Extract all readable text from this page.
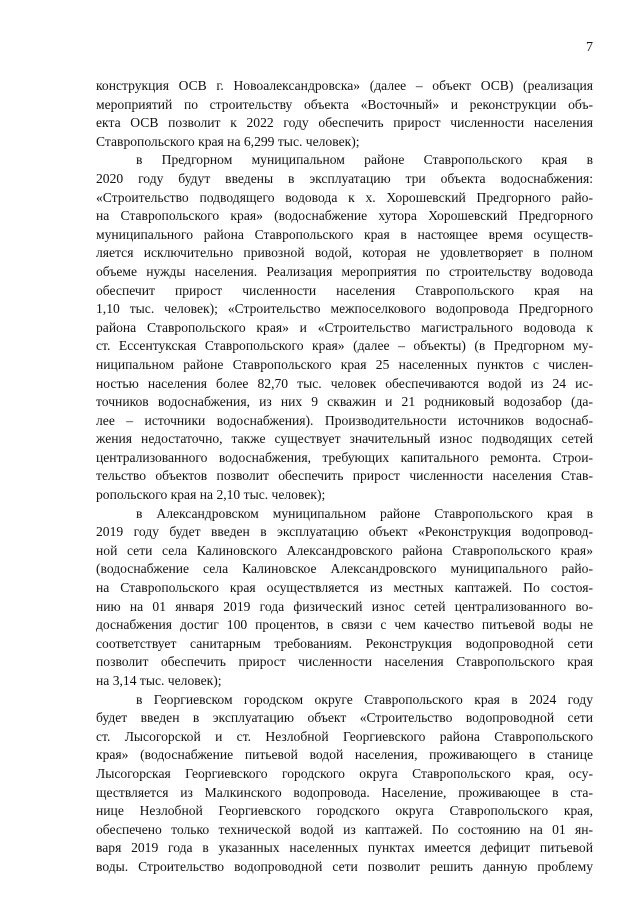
7
конструкция ОСВ г. Новоалександровска» (далее – объект ОСВ) (реализация
мероприятий по строительству объекта «Восточный» и реконструкции объ-
екта ОСВ позволит к 2022 году обеспечить прирост численности населения
Ставропольского края на 6,299 тыс. человек);
в Предгорном муниципальном районе Ставропольского края в
2020 году будут введены в эксплуатацию три объекта водоснабжения:
«Строительство подводящего водовода к х. Хорошевский Предгорного райо-
на Ставропольского края» (водоснабжение хутора Хорошевский Предгорного
муниципального района Ставропольского края в настоящее время осуществ-
ляется исключительно привозной водой, которая не удовлетворяет в полном
объеме нужды населения. Реализация мероприятия по строительству водовода
обеспечит прирост численности населения Ставропольского края на
1,10 тыс. человек); «Строительство межпоселкового водопровода Предгорного
района Ставропольского края» и «Строительство магистрального водовода к
ст. Ессентукская Ставропольского края» (далее – объекты) (в Предгорном му-
ниципальном районе Ставропольского края 25 населенных пунктов с числен-
ностью населения более 82,70 тыс. человек обеспечиваются водой из 24 ис-
точников водоснабжения, из них 9 скважин и 21 родниковый водозабор (да-
лее – источники водоснабжения). Производительности источников водоснаб-
жения недостаточно, также существует значительный износ подводящих сетей
централизованного водоснабжения, требующих капитального ремонта. Строи-
тельство объектов позволит обеспечить прирост численности населения Став-
ропольского края на 2,10 тыс. человек);
в Александровском муниципальном районе Ставропольского края в
2019 году будет введен в эксплуатацию объект «Реконструкция водопровод-
ной сети села Калиновского Александровского района Ставропольского края»
(водоснабжение села Калиновское Александровского муниципального райо-
на Ставропольского края осуществляется из местных каптажей. По состоя-
нию на 01 января 2019 года физический износ сетей централизованного во-
доснабжения достиг 100 процентов, в связи с чем качество питьевой воды не
соответствует санитарным требованиям. Реконструкция водопроводной сети
позволит обеспечить прирост численности населения Ставропольского края
на 3,14 тыс. человек);
в Георгиевском городском округе Ставропольского края в 2024 году
будет введен в эксплуатацию объект «Строительство водопроводной сети
ст. Лысогорской и ст. Незлобной Георгиевского района Ставропольского
края» (водоснабжение питьевой водой населения, проживающего в станице
Лысогорская Георгиевского городского округа Ставропольского края, осу-
ществляется из Малкинского водопровода. Население, проживающее в ста-
нице Незлобной Георгиевского городского округа Ставропольского края,
обеспечено только технической водой из каптажей. По состоянию на 01 ян-
варя 2019 года в указанных населенных пунктах имеется дефицит питьевой
воды. Строительство водопроводной сети позволит решить данную проблему
